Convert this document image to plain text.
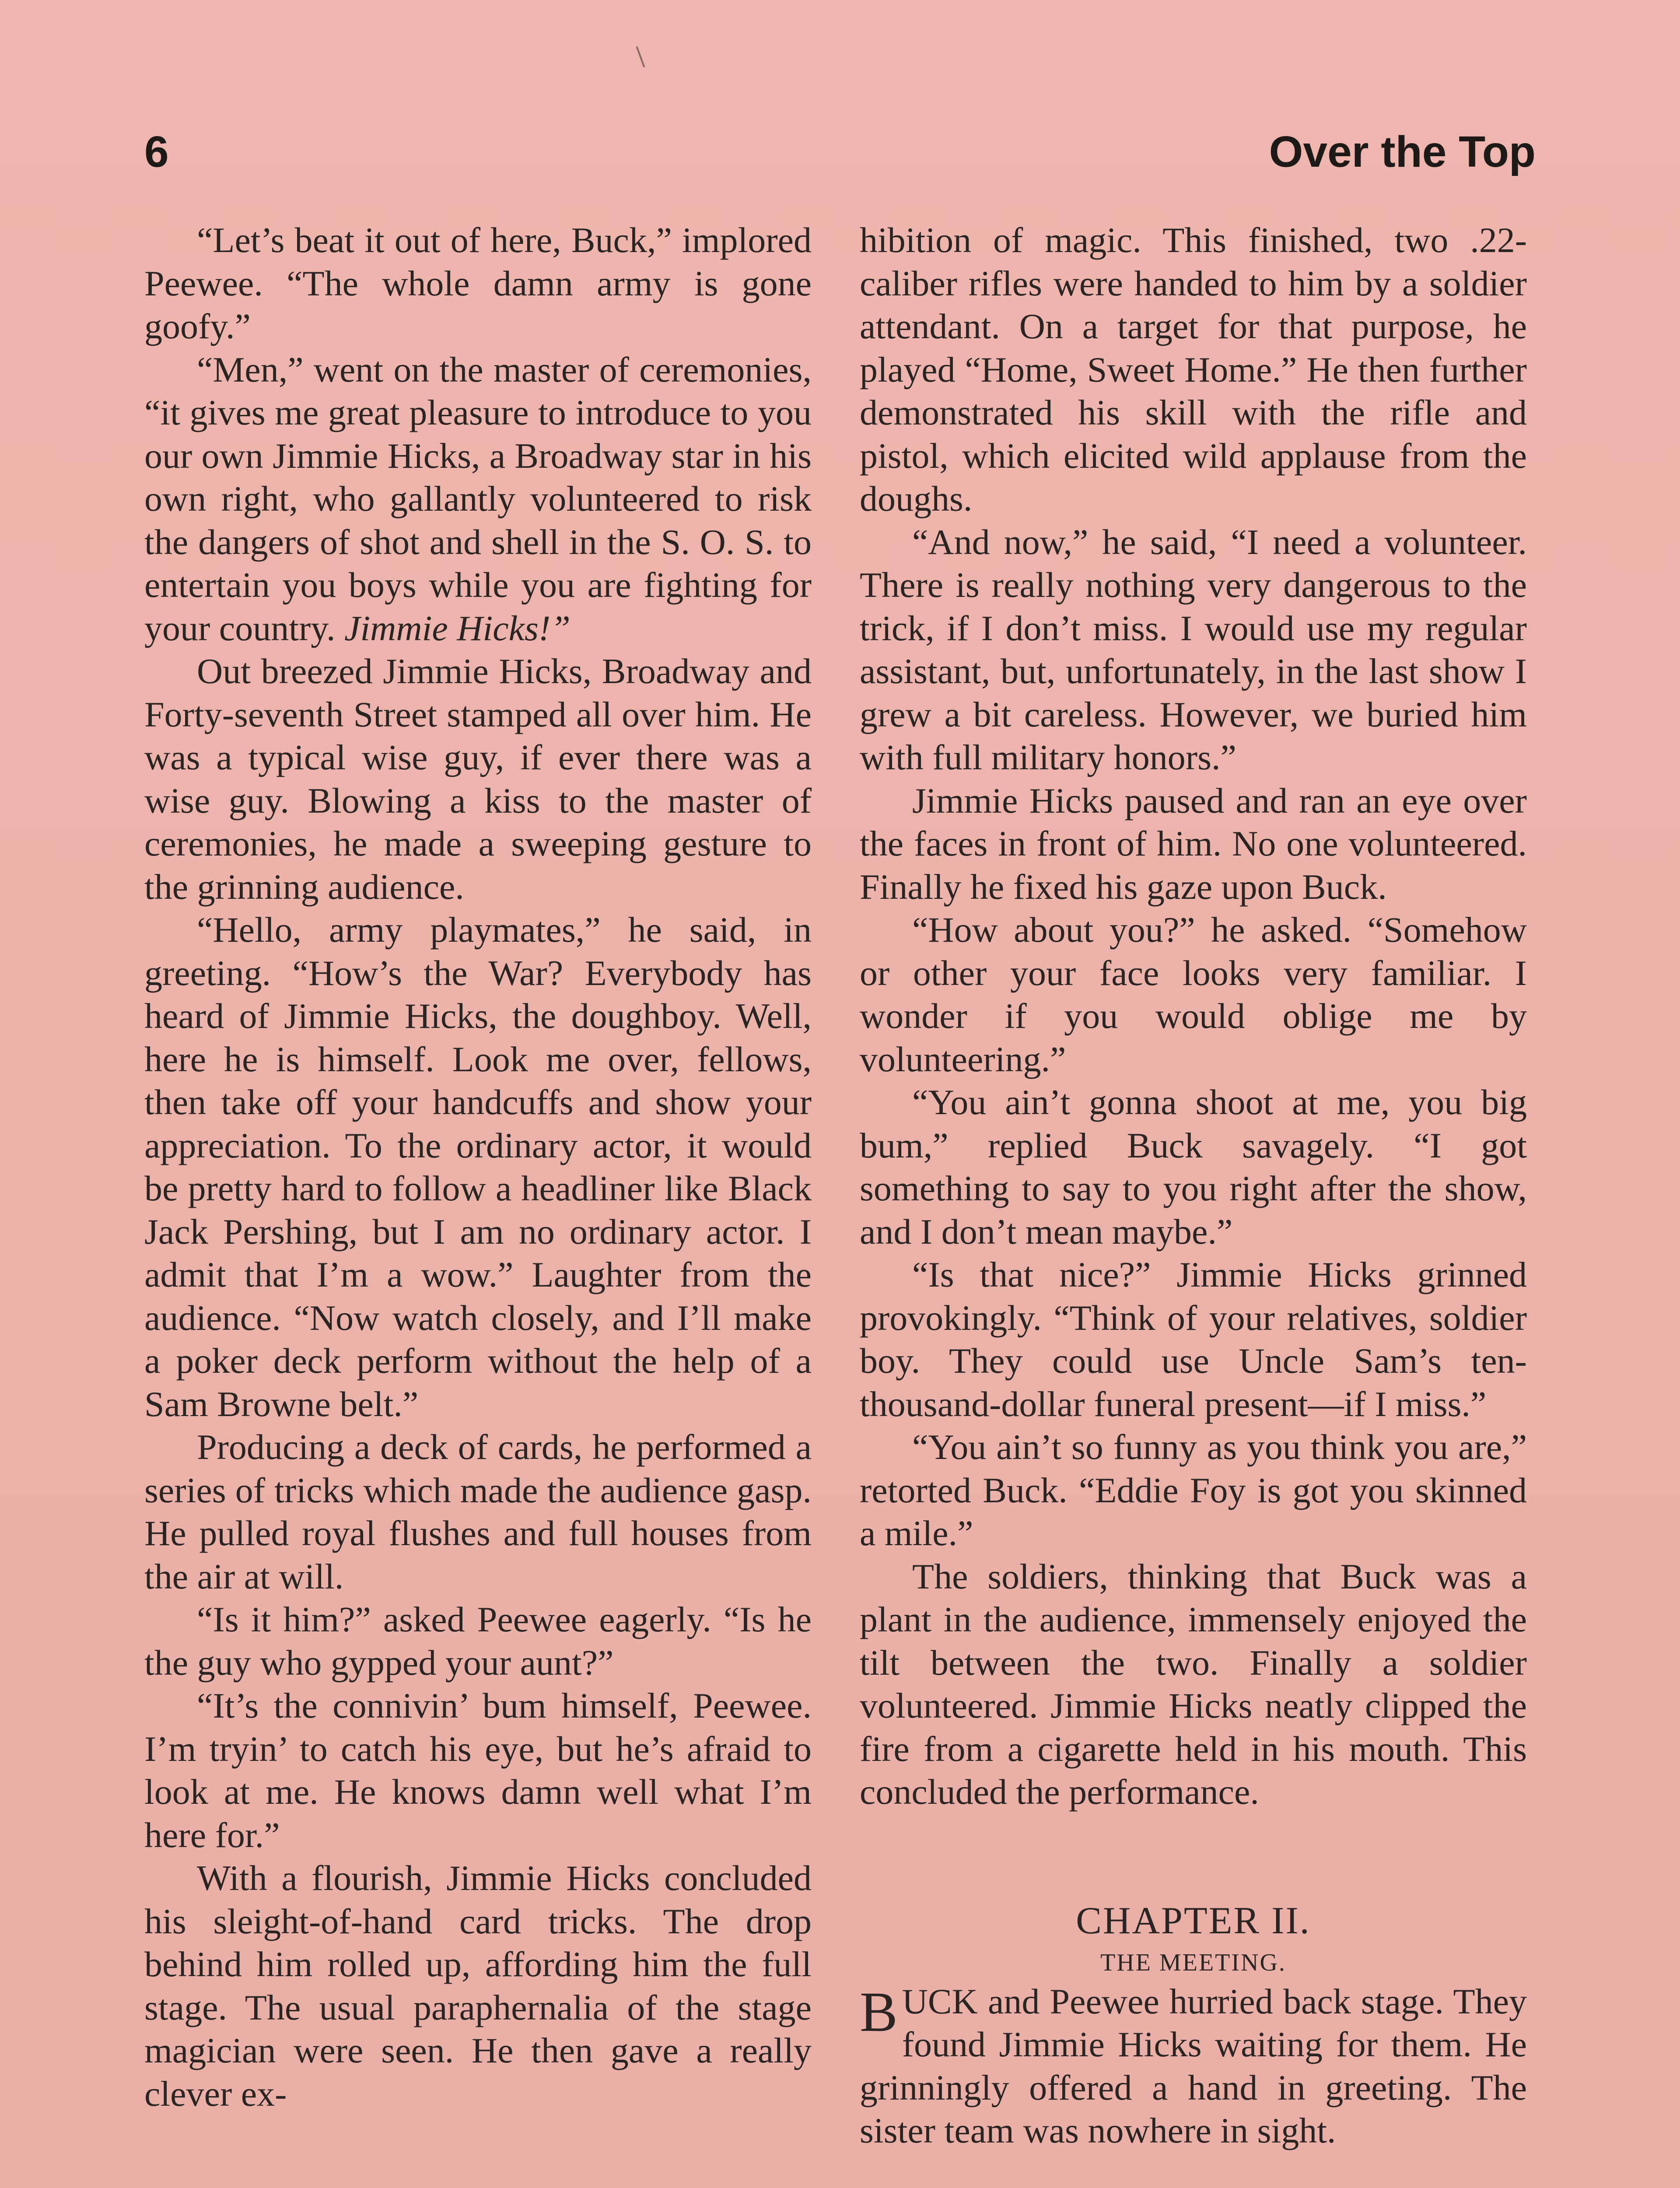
6	Over the Top

“Let’s beat it out of here, Buck,” implored Peewee. “The whole damn army is gone goofy.”

“Men,” went on the master of ceremonies, “it gives me great pleasure to introduce to you our own Jimmie Hicks, a Broadway star in his own right, who gallantly volunteered to risk the dangers of shot and shell in the S. O. S. to entertain you boys while you are fighting for your country. Jimmie Hicks!”

Out breezed Jimmie Hicks, Broadway and Forty-seventh Street stamped all over him. He was a typical wise guy, if ever there was a wise guy. Blowing a kiss to the master of ceremonies, he made a sweeping gesture to the grinning audience.

“Hello, army playmates,” he said, in greeting. “How’s the War? Everybody has heard of Jimmie Hicks, the doughboy. Well, here he is himself. Look me over, fellows, then take off your handcuffs and show your appreciation. To the ordinary actor, it would be pretty hard to follow a headliner like Black Jack Pershing, but I am no ordinary actor. I admit that I’m a wow.” Laughter from the audience. “Now watch closely, and I’ll make a poker deck perform without the help of a Sam Browne belt.”

Producing a deck of cards, he performed a series of tricks which made the audience gasp. He pulled royal flushes and full houses from the air at will.

“Is it him?” asked Peewee eagerly. “Is he the guy who gypped your aunt?”

“It’s the connivin’ bum himself, Peewee. I’m tryin’ to catch his eye, but he’s afraid to look at me. He knows damn well what I’m here for.”

With a flourish, Jimmie Hicks concluded his sleight-of-hand card tricks. The drop behind him rolled up, affording him the full stage. The usual paraphernalia of the stage magician were seen. He then gave a really clever ex-

hibition of magic. This finished, two .22-caliber rifles were handed to him by a soldier attendant. On a target for that purpose, he played “Home, Sweet Home.” He then further demonstrated his skill with the rifle and pistol, which elicited wild applause from the doughs.

“And now,” he said, “I need a volunteer. There is really nothing very dangerous to the trick, if I don’t miss. I would use my regular assistant, but, unfortunately, in the last show I grew a bit careless. However, we buried him with full military honors.”

Jimmie Hicks paused and ran an eye over the faces in front of him. No one volunteered. Finally he fixed his gaze upon Buck.

“How about you?” he asked. “Somehow or other your face looks very familiar. I wonder if you would oblige me by volunteering.”

“You ain’t gonna shoot at me, you big bum,” replied Buck savagely. “I got something to say to you right after the show, and I don’t mean maybe.”

“Is that nice?” Jimmie Hicks grinned provokingly. “Think of your relatives, soldier boy. They could use Uncle Sam’s ten-thousand-dollar funeral present—if I miss.”

“You ain’t so funny as you think you are,” retorted Buck. “Eddie Foy is got you skinned a mile.”

The soldiers, thinking that Buck was a plant in the audience, immensely enjoyed the tilt between the two. Finally a soldier volunteered. Jimmie Hicks neatly clipped the fire from a cigarette held in his mouth. This concluded the performance.

CHAPTER II.

THE MEETING.

BUCK and Peewee hurried back stage. They found Jimmie Hicks waiting for them. He grinningly offered a hand in greeting. The sister team was nowhere in sight.
